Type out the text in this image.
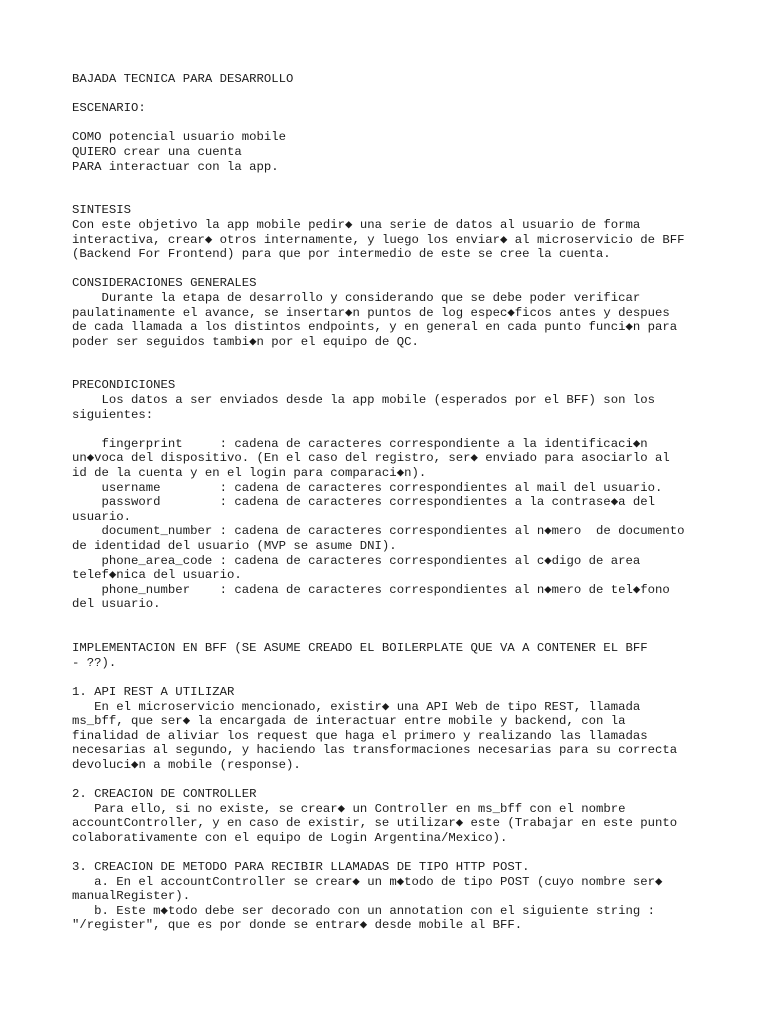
BAJADA TECNICA PARA DESARROLLO

ESCENARIO:

COMO potencial usuario mobile
QUIERO crear una cuenta
PARA interactuar con la app.

SINTESIS
Con este objetivo la app mobile pedir◆ una serie de datos al usuario de forma
interactiva, crear◆ otros internamente, y luego los enviar◆ al microservicio de BFF
(Backend For Frontend) para que por intermedio de este se cree la cuenta.

CONSIDERACIONES GENERALES
Durante la etapa de desarrollo y considerando que se debe poder verificar
paulatinamente el avance, se insertar◆n puntos de log espec◆ficos antes y despues
de cada llamada a los distintos endpoints, y en general en cada punto funci◆n para
poder ser seguidos tambi◆n por el equipo de QC.

PRECONDICIONES
Los datos a ser enviados desde la app mobile (esperados por el BFF) son los
siguientes:

fingerprint     : cadena de caracteres correspondiente a la identificaci◆n
un◆voca del dispositivo. (En el caso del registro, ser◆ enviado para asociarlo al
id de la cuenta y en el login para comparaci◆n).
username        : cadena de caracteres correspondientes al mail del usuario.
password        : cadena de caracteres correspondientes a la contrase◆a del
usuario.
document_number : cadena de caracteres correspondientes al n◆mero  de documento
de identidad del usuario (MVP se asume DNI).
phone_area_code : cadena de caracteres correspondientes al c◆digo de area
telef◆nica del usuario.
phone_number    : cadena de caracteres correspondientes al n◆mero de tel◆fono
del usuario.

IMPLEMENTACION EN BFF (SE ASUME CREADO EL BOILERPLATE QUE VA A CONTENER EL BFF
- ??).

1. API REST A UTILIZAR
En el microservicio mencionado, existir◆ una API Web de tipo REST, llamada
ms_bff, que ser◆ la encargada de interactuar entre mobile y backend, con la
finalidad de aliviar los request que haga el primero y realizando las llamadas
necesarias al segundo, y haciendo las transformaciones necesarias para su correcta
devoluci◆n a mobile (response).

2. CREACION DE CONTROLLER
Para ello, si no existe, se crear◆ un Controller en ms_bff con el nombre
accountController, y en caso de existir, se utilizar◆ este (Trabajar en este punto
colaborativamente con el equipo de Login Argentina/Mexico).

3. CREACION DE METODO PARA RECIBIR LLAMADAS DE TIPO HTTP POST.
a. En el accountController se crear◆ un m◆todo de tipo POST (cuyo nombre ser◆
manualRegister).
b. Este m◆todo debe ser decorado con un annotation con el siguiente string :
"/register", que es por donde se entrar◆ desde mobile al BFF.
